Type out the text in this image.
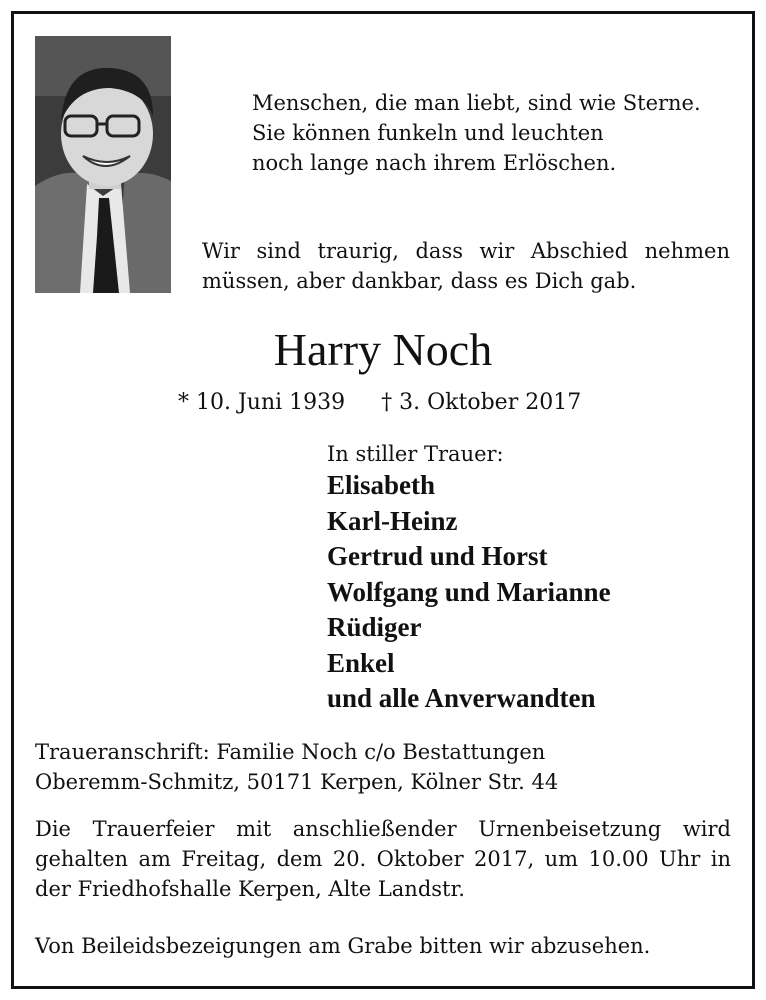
Menschen, die man liebt, sind wie Sterne.
Sie können funkeln und leuchten
noch lange nach ihrem Erlöschen.
Wir sind traurig, dass wir Abschied nehmen
müssen, aber dankbar, dass es Dich gab.
Harry Noch
* 10. Juni 1939 † 3. Oktober 2017
In stiller Trauer:
Elisabeth
Karl-Heinz
Gertrud und Horst
Wolfgang und Marianne
Rüdiger
Enkel
und alle Anverwandten
Traueranschrift: Familie Noch c/o Bestattungen
Oberemm-Schmitz, 50171 Kerpen, Kölner Str. 44
Die Trauerfeier mit anschließender Urnenbeisetzung wird
gehalten am Freitag, dem 20. Oktober 2017, um 10.00 Uhr in
der Friedhofshalle Kerpen, Alte Landstr.
Von Beileidsbezeigungen am Grabe bitten wir abzusehen.
